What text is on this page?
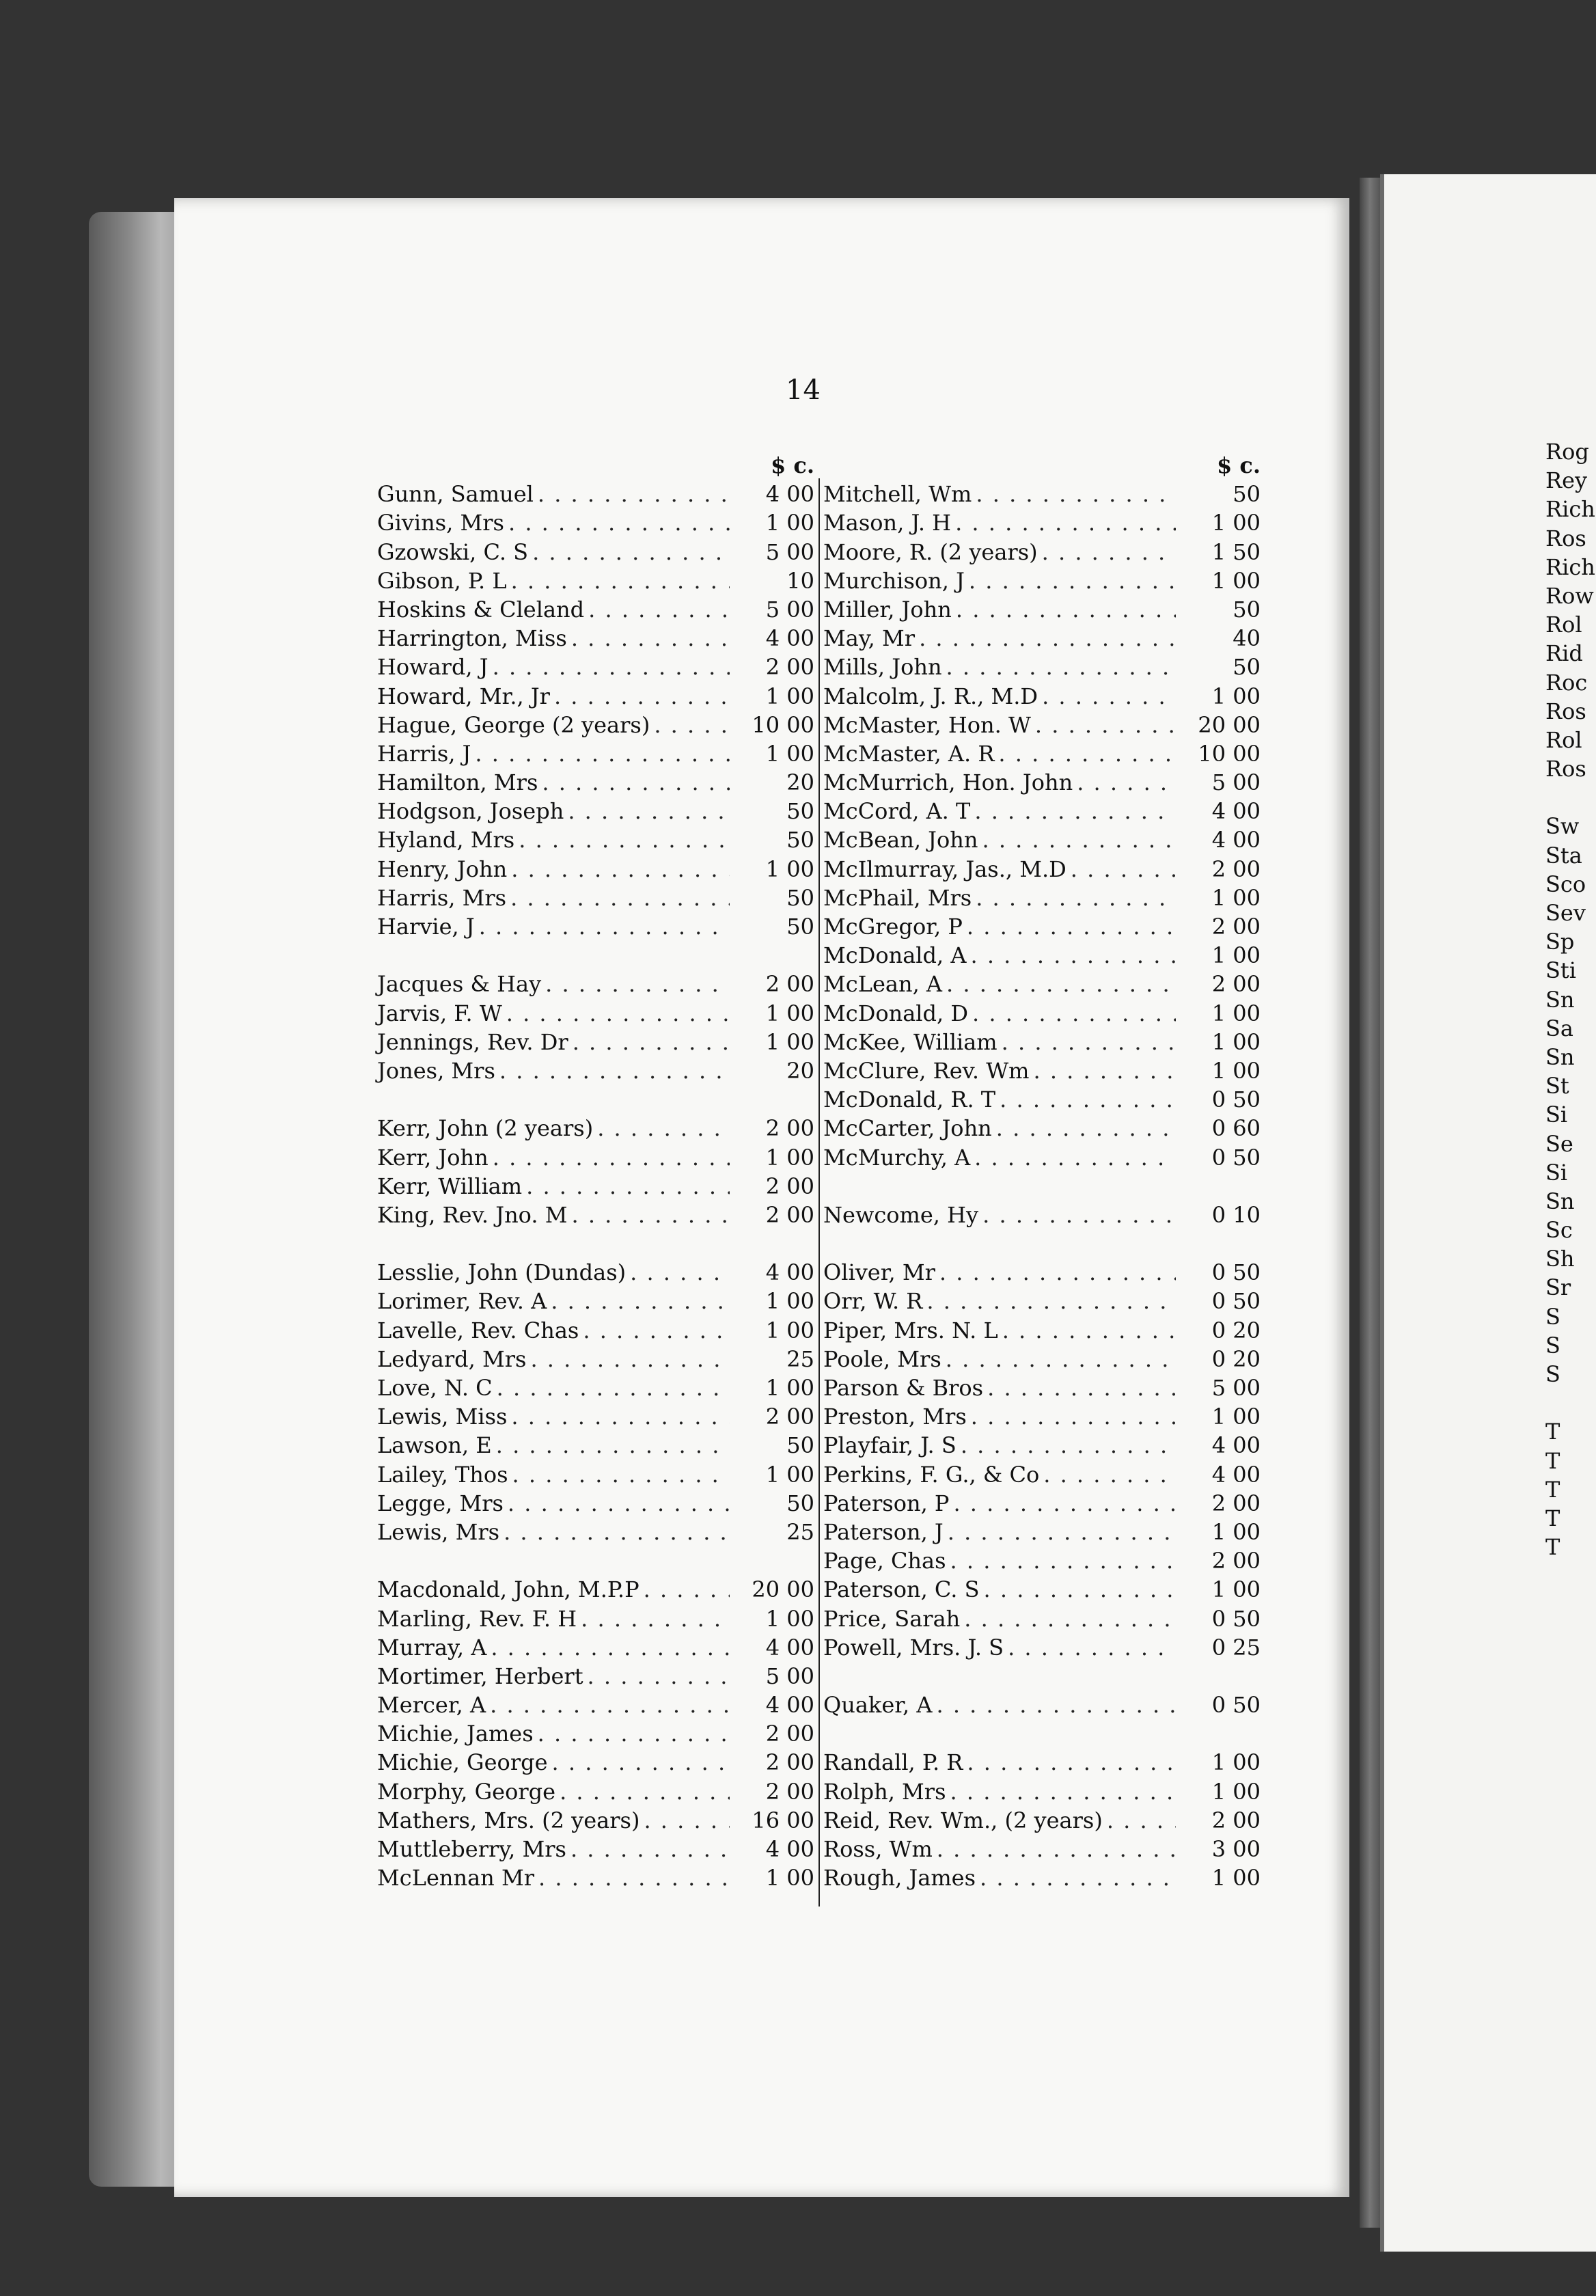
14
$ c.
Gunn, Samuel . . .	4 00
Givins, Mrs . . .	1 00
Gzowski, C. S . . .	5 00
Gibson, P. L . . .	10
Hoskins & Cleland . . .	5 00
Harrington, Miss . . .	4 00
Howard, J . . .	2 00
Howard, Mr., Jr . . .	1 00
Hague, George (2 years) . . .	10 00
Harris, J . . .	1 00
Hamilton, Mrs . . .	20
Hodgson, Joseph . . .	50
Hyland, Mrs . . .	50
Henry, John . . .	1 00
Harris, Mrs . . .	50
Harvie, J . . .	50
Jacques & Hay . . .	2 00
Jarvis, F. W . . .	1 00
Jennings, Rev. Dr . . .	1 00
Jones, Mrs . . .	20
Kerr, John (2 years) . . .	2 00
Kerr, John . . .	1 00
Kerr, William . . .	2 00
King, Rev. Jno. M . . .	2 00
Lesslie, John (Dundas) . . .	4 00
Lorimer, Rev. A . . .	1 00
Lavelle, Rev. Chas . . .	1 00
Ledyard, Mrs . . .	25
Love, N. C . . .	1 00
Lewis, Miss . . .	2 00
Lawson, E . . .	50
Lailey, Thos . . .	1 00
Legge, Mrs . . .	50
Lewis, Mrs . . .	25
Macdonald, John, M.P.P . . .	20 00
Marling, Rev. F. H . . .	1 00
Murray, A . . .	4 00
Mortimer, Herbert . . .	5 00
Mercer, A . . .	4 00
Michie, James . . .	2 00
Michie, George . . .	2 00
Morphy, George . . .	2 00
Mathers, Mrs. (2 years) . . .	16 00
Muttleberry, Mrs . . .	4 00
McLennan Mr . . .	1 00
$ c.
Mitchell, Wm . . .	50
Mason, J. H . . .	1 00
Moore, R. (2 years) . . .	1 50
Murchison, J . . .	1 00
Miller, John . . .	50
May, Mr . . .	40
Mills, John . . .	50
Malcolm, J. R., M.D . . .	1 00
McMaster, Hon. W . . .	20 00
McMaster, A. R . . .	10 00
McMurrich, Hon. John . . .	5 00
McCord, A. T . . .	4 00
McBean, John . . .	4 00
McIlmurray, Jas., M.D . . .	2 00
McPhail, Mrs . . .	1 00
McGregor, P . . .	2 00
McDonald, A . . .	1 00
McLean, A . . .	2 00
McDonald, D . . .	1 00
McKee, William . . .	1 00
McClure, Rev. Wm . . .	1 00
McDonald, R. T . . .	0 50
McCarter, John . . .	0 60
McMurchy, A . . .	0 50
Newcome, Hy . . .	0 10
Oliver, Mr . . .	0 50
Orr, W. R . . .	0 50
Piper, Mrs. N. L . . .	0 20
Poole, Mrs . . .	0 20
Parson & Bros . . .	5 00
Preston, Mrs . . .	1 00
Playfair, J. S . . .	4 00
Perkins, F. G., & Co . . .	4 00
Paterson, P . . .	2 00
Paterson, J . . .	1 00
Page, Chas . . .	2 00
Paterson, C. S . . .	1 00
Price, Sarah . . .	0 50
Powell, Mrs. J. S . . .	0 25
Quaker, A . . .	0 50
Randall, P. R . . .	1 00
Rolph, Mrs . . .	1 00
Reid, Rev. Wm., (2 years) . . .	2 00
Ross, Wm . . .	3 00
Rough, James . . .	1 00
Rog
Rey
Rich
Ros
Rich
Row
Rol
Rid
Roc
Ros
Rol
Ros
Sw
Sta
Sco
Sev
Sp
Sti
Sn
Sa
Sn
St
Si
Se
Si
Sn
Sc
Sh
Sr
S
S
S
T
T
T
T
T
